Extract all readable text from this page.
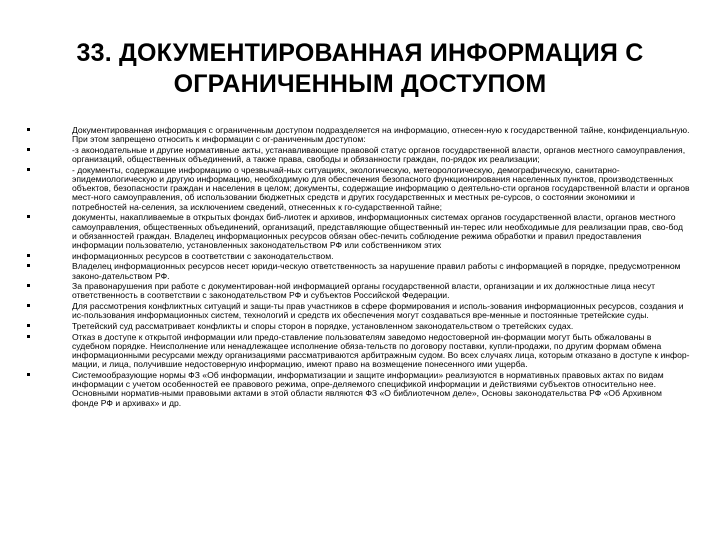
33. ДОКУМЕНТИРОВАННАЯ ИНФОРМАЦИЯ С
ОГРАНИЧЕННЫМ ДОСТУПОМ
Документированная информация с ограниченным доступом подразделяется на информацию, отнесен-ную к государственной тайне, конфиденциальную. При этом запрещено относить к информации с ог-раниченным доступом:
-з аконодательные и другие нормативные акты, устанавливающие правовой статус органов государственной власти, органов местного самоуправления, организаций, общественных объединений, а также права, свободы и обязанности граждан, по-рядок их реализации;
- документы, содержащие информацию о чрезвычай-ных ситуациях, экологическую, метеорологическую, демографическую, санитарно-эпидемиологическую и другую информацию, необходимую для обеспечения безопасного функционирования населенных пунктов, производственных объектов, безопасности граждан и населения в целом; документы, содержащие информацию о деятельно-сти органов государственной власти и органов мест-ного самоуправления, об использовании бюджетных средств и других государственных и местных ре-сурсов, о состоянии экономики и потребностей на-селения, за исключением сведений, отнесенных к го-сударственной тайне;
документы, накапливаемые в открытых фондах биб-лиотек и архивов, информационных системах органов государственной власти, органов местного самоуправления, общественных объединений, организаций, представляющие общественный ин-терес или необходимые для реализации прав, сво-бод и обязанностей граждан. Владелец информационных ресурсов обязан обес-печить соблюдение режима обработки и правил предоставления информации пользователю, установленных законодательством РФ или собственником этих
информационных ресурсов в соответствии с законодательством.
Владелец информационных ресурсов несет юриди-ческую ответственность за нарушение правил работы с информацией в порядке, предусмотренном законо-дательством РФ.
За правонарушения при работе с документирован-ной информацией органы государственной власти, организации и их должностные лица несут ответственность в соответствии с законодательством РФ и субъектов Российской Федерации.
Для рассмотрения конфликтных ситуаций и защи-ты прав участников в сфере формирования и исполь-зования информационных ресурсов, создания и ис-пользования информационных систем, технологий и средств их обеспечения могут создаваться вре-менные и постоянные третейские суды.
Третейский суд рассматривает конфликты и споры сторон в порядке, установленном законодательством о третейских судах.
Отказ в доступе к открытой информации или предо-ставление пользователям заведомо недостоверной ин-формации могут быть обжалованы в судебном порядке. Неисполнение или ненадлежащее исполнение обяза-тельств по договору поставки, купли-продажи, по другим формам обмена информационными ресурсами между организациями рассматриваются арбитражным судом. Во всех случаях лица, которым отказано в доступе к инфор-мации, и лица, получившие недостоверную информацию, имеют право на возмещение понесенного ими ущерба.
Системообразующие нормы ФЗ «Об информации, информатизации и защите информации» реализуются в нормативных правовых актах по видам информации с учетом особенностей ее правового режима, опре-деляемого спецификой информации и действиями субъектов относительно нее. Основными норматив-ными правовыми актами в этой области являются ФЗ «О библиотечном деле», Основы законодательства РФ «Об Архивном фонде РФ и архивах» и др.
